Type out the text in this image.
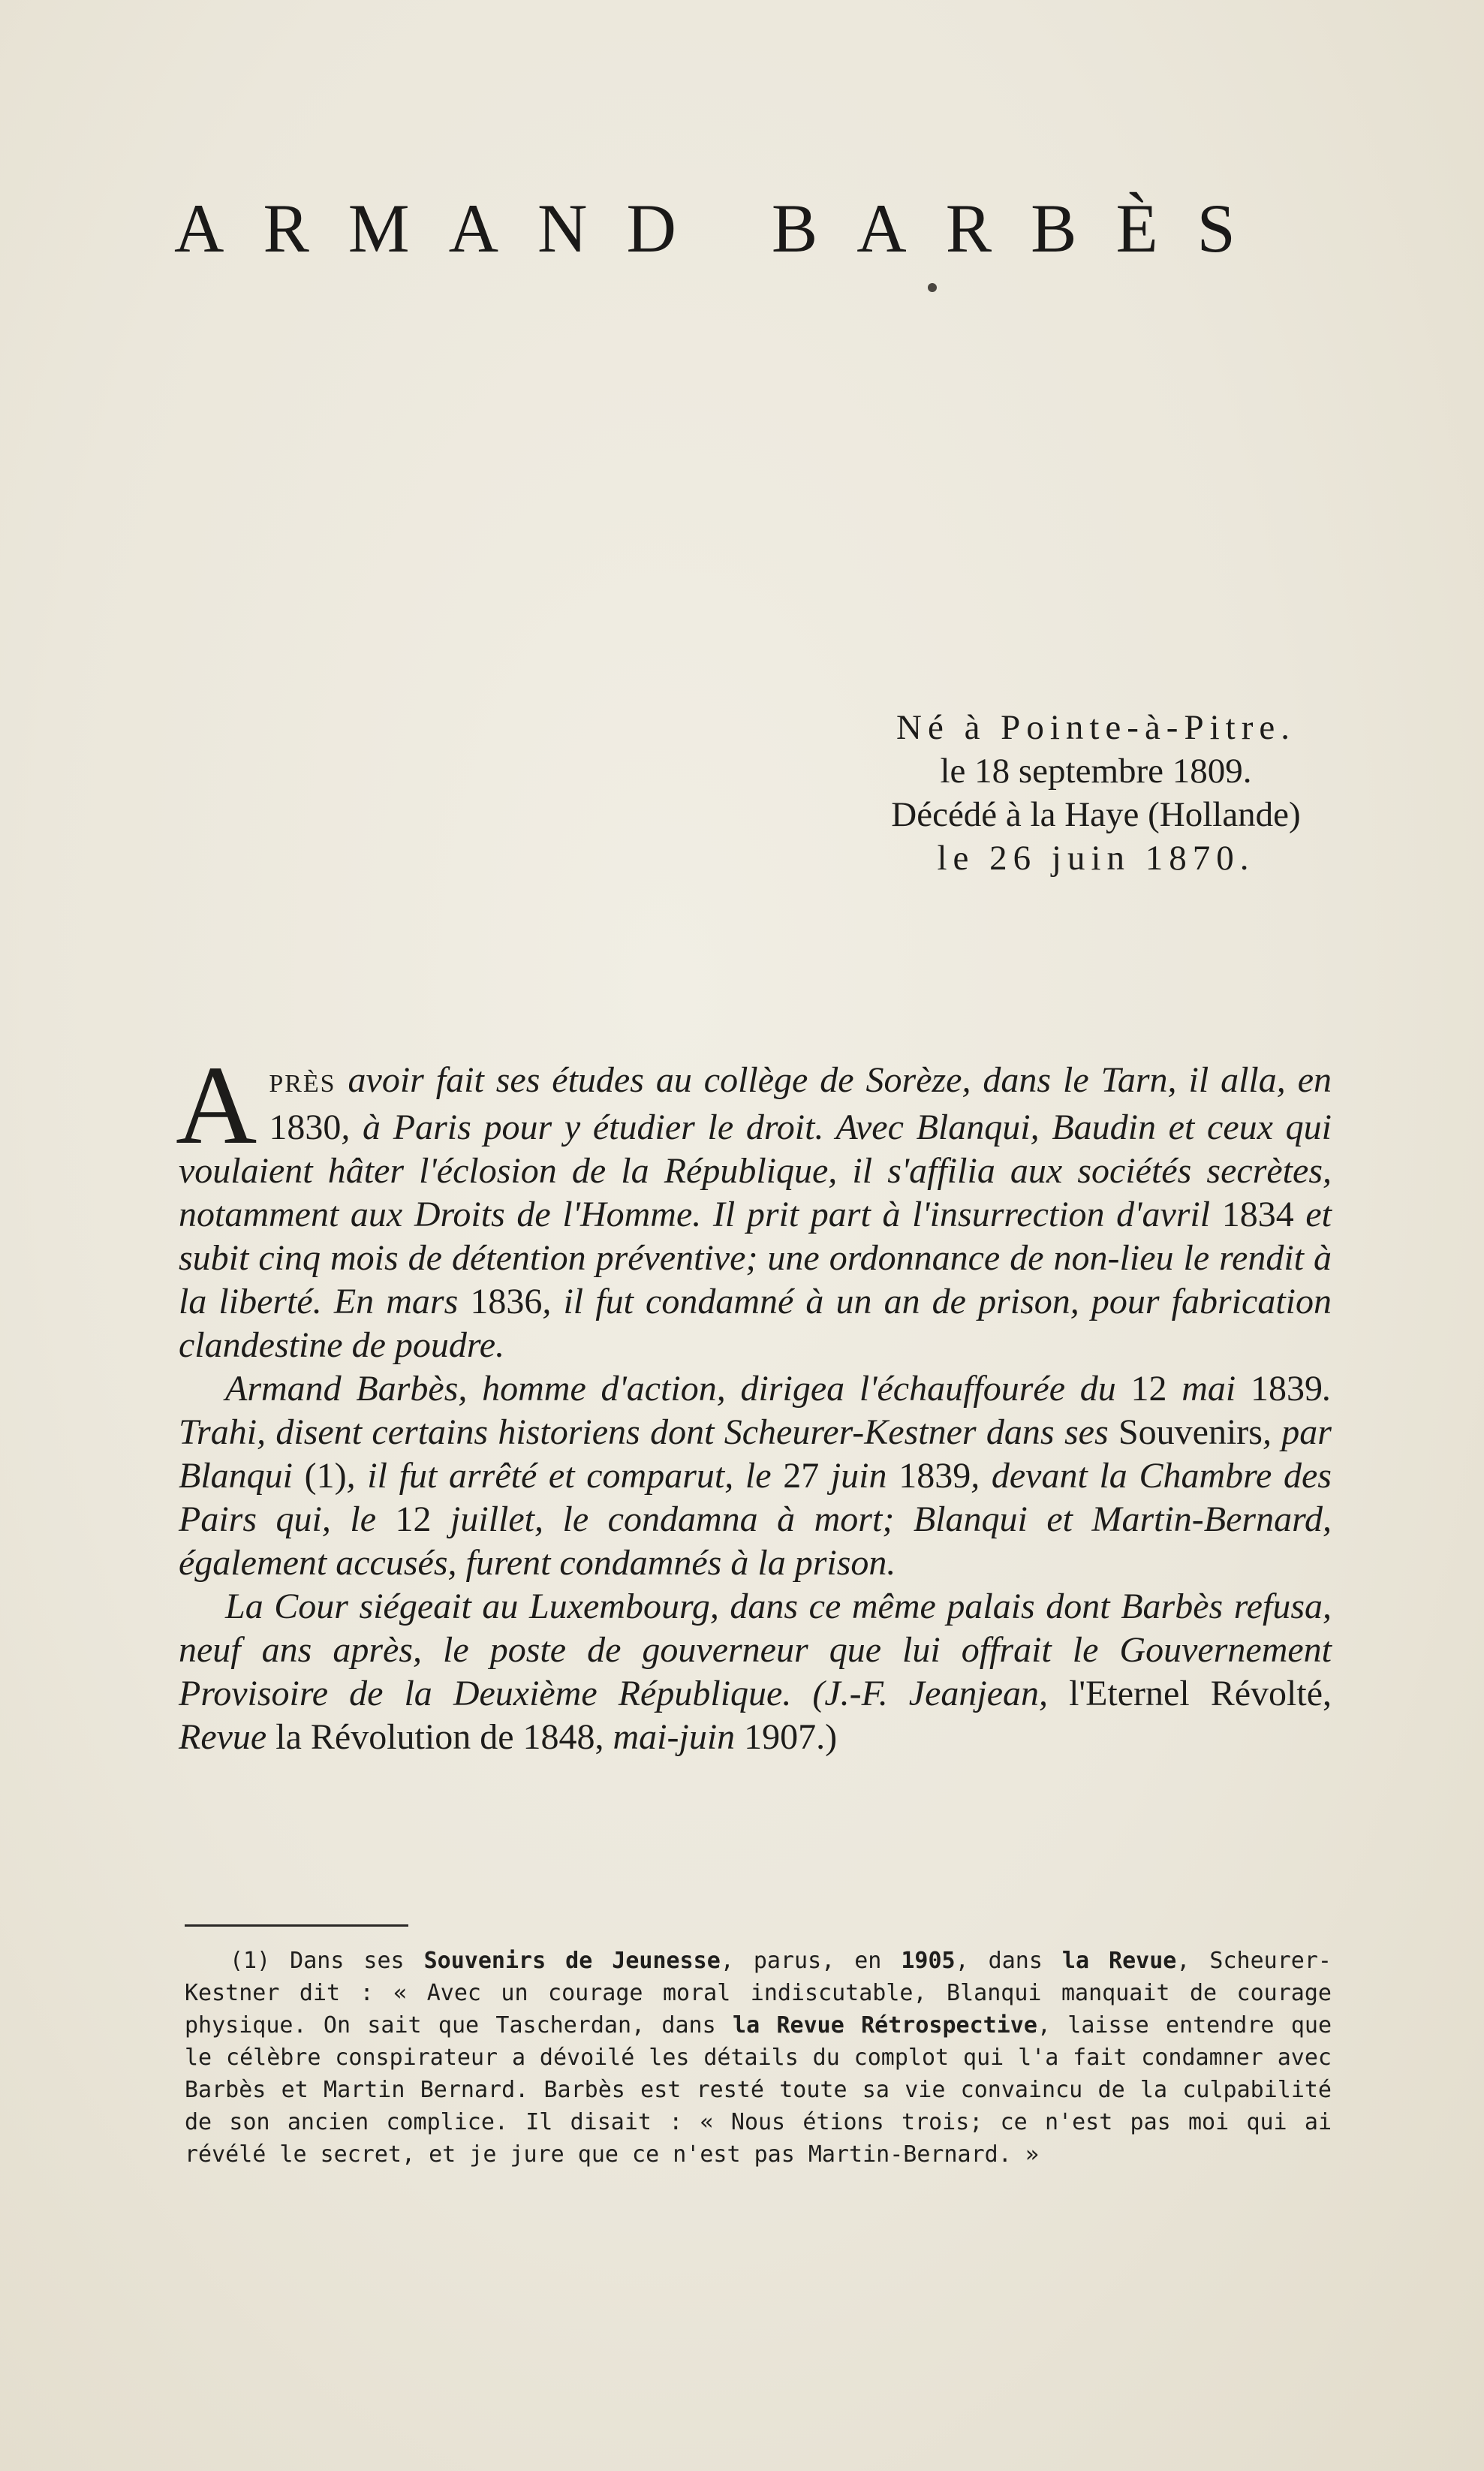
ARMAND BARBÈS
Né à Pointe-à-Pitre.
le 18 septembre 1809.
Décédé à la Haye (Hollande)
le 26 juin 1870.

APRÈS avoir fait ses études au collège de Sorèze, dans le Tarn, il alla, en 1830, à Paris pour y étudier le droit. Avec Blanqui, Baudin et ceux qui voulaient hâter l'éclosion de la République, il s'affilia aux sociétés secrètes, notamment aux Droits de l'Homme. Il prit part à l'insurrection d'avril 1834 et subit cinq mois de détention préventive; une ordonnance de non-lieu le rendit à la liberté. En mars 1836, il fut condamné à un an de prison, pour fabrication clandestine de poudre.

Armand Barbès, homme d'action, dirigea l'échauffourée du 12 mai 1839. Trahi, disent certains historiens dont Scheurer-Kestner dans ses Souvenirs, par Blanqui (1), il fut arrêté et comparut, le 27 juin 1839, devant la Chambre des Pairs qui, le 12 juillet, le condamna à mort; Blanqui et Martin-Bernard, également accusés, furent condamnés à la prison.

La Cour siégeait au Luxembourg, dans ce même palais dont Barbès refusa, neuf ans après, le poste de gouverneur que lui offrait le Gouvernement Provisoire de la Deuxième République. (J.-F. Jeanjean, l'Eternel Révolté, Revue la Révolution de 1848, mai-juin 1907.)

(1) Dans ses Souvenirs de Jeunesse, parus, en 1905, dans la Revue, Scheurer-Kestner dit : « Avec un courage moral indiscutable, Blanqui manquait de courage physique. On sait que Tascherdan, dans la Revue Rétrospective, laisse entendre que le célèbre conspirateur a dévoilé les détails du complot qui l'a fait condamner avec Barbès et Martin Bernard. Barbès est resté toute sa vie convaincu de la culpabilité de son ancien complice. Il disait : « Nous étions trois; ce n'est pas moi qui ai révélé le secret, et je jure que ce n'est pas Martin-Bernard. »
